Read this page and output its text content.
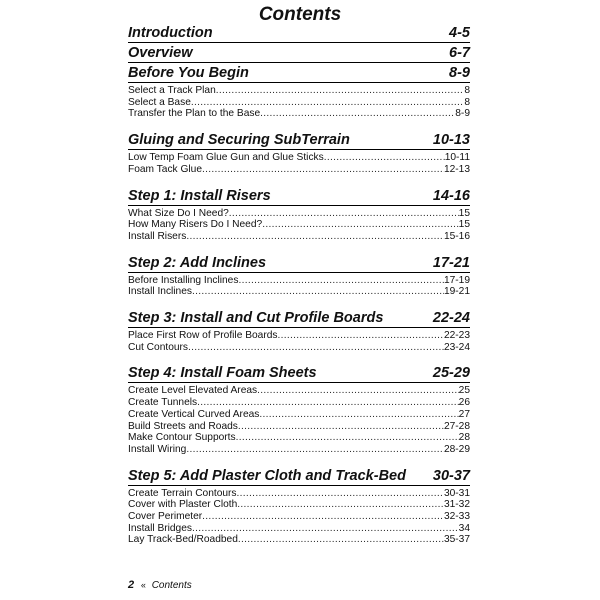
Contents
Introduction	4-5
Overview	6-7
Before You Begin	8-9
Select a Track Plan .....	8
Select a Base .....	8
Transfer the Plan to the Base .....	8-9
Gluing and Securing SubTerrain	10-13
Low Temp Foam Glue Gun and Glue Sticks .....	10-11
Foam Tack Glue .....	12-13
Step 1: Install Risers	14-16
What Size Do I Need? .....	15
How Many Risers Do I Need? .....	15
Install Risers .....	15-16
Step 2: Add Inclines	17-21
Before Installing Inclines .....	17-19
Install Inclines .....	19-21
Step 3: Install and Cut Profile Boards	22-24
Place First Row of Profile Boards .....	22-23
Cut Contours .....	23-24
Step 4: Install Foam Sheets	25-29
Create Level Elevated Areas .....	25
Create Tunnels .....	26
Create Vertical Curved Areas .....	27
Build Streets and Roads .....	27-28
Make Contour Supports .....	28
Install Wiring .....	28-29
Step 5: Add Plaster Cloth and Track-Bed 30-37
Create Terrain Contours .....	30-31
Cover with Plaster Cloth .....	31-32
Cover Perimeter .....	32-33
Install Bridges .....	34
Lay Track-Bed/Roadbed .....	35-37
2 « Contents
